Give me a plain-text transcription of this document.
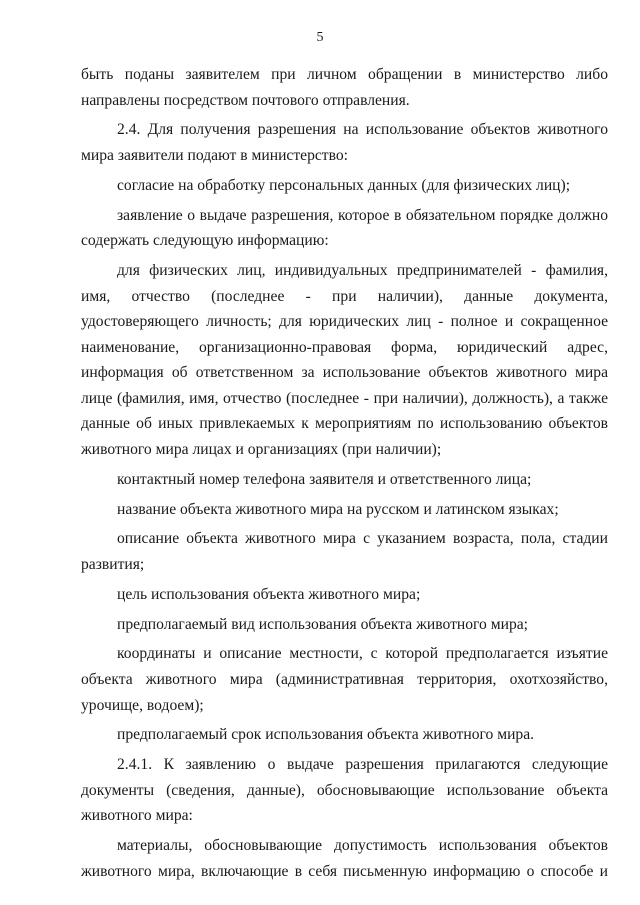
5

быть поданы заявителем при личном обращении в министерство либо направлены посредством почтового отправления.

2.4. Для получения разрешения на использование объектов животного мира заявители подают в министерство:

согласие на обработку персональных данных (для физических лиц);

заявление о выдаче разрешения, которое в обязательном порядке должно содержать следующую информацию:

для физических лиц, индивидуальных предпринимателей - фамилия, имя, отчество (последнее - при наличии), данные документа, удостоверяющего личность; для юридических лиц - полное и сокращенное наименование, организационно-правовая форма, юридический адрес, информация об ответственном за использование объектов животного мира лице (фамилия, имя, отчество (последнее - при наличии), должность), а также данные об иных привлекаемых к мероприятиям по использованию объектов животного мира лицах и организациях (при наличии);

контактный номер телефона заявителя и ответственного лица;

название объекта животного мира на русском и латинском языках;

описание объекта животного мира с указанием возраста, пола, стадии развития;

цель использования объекта животного мира;

предполагаемый вид использования объекта животного мира;

координаты и описание местности, с которой предполагается изъятие объекта животного мира (административная территория, охотхозяйство, урочище, водоем);

предполагаемый срок использования объекта животного мира.

2.4.1. К заявлению о выдаче разрешения прилагаются следующие документы (сведения, данные), обосновывающие использование объекта животного мира:

материалы, обосновывающие допустимость использования объектов животного мира, включающие в себя письменную информацию о способе и
